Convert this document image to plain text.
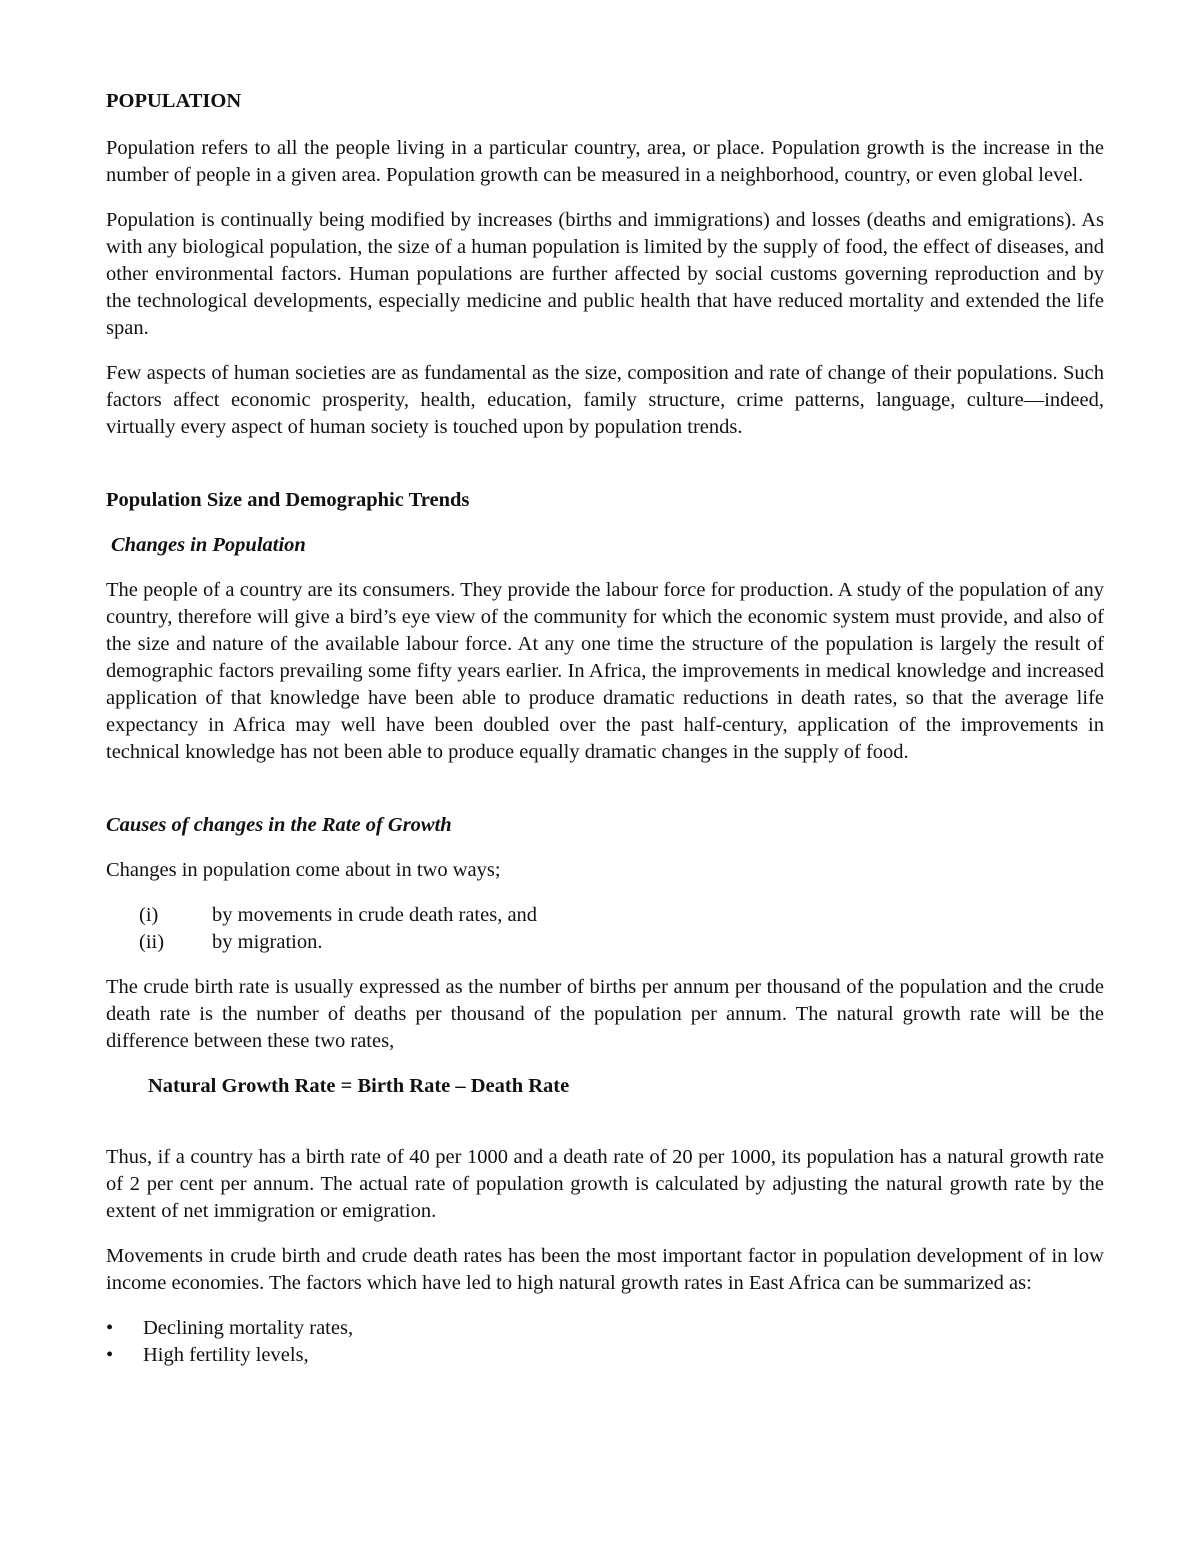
POPULATION

Population refers to all the people living in a particular country, area, or place. Population growth is the increase in the number of people in a given area. Population growth can be measured in a neighborhood, country, or even global level.

Population is continually being modified by increases (births and immigrations) and losses (deaths and emigrations). As with any biological population, the size of a human population is limited by the supply of food, the effect of diseases, and other environmental factors. Human populations are further affected by social customs governing reproduction and by the technological developments, especially medicine and public health that have reduced mortality and extended the life span.

Few aspects of human societies are as fundamental as the size, composition and rate of change of their populations. Such factors affect economic prosperity, health, education, family structure, crime patterns, language, culture—indeed, virtually every aspect of human society is touched upon by population trends.

Population Size and Demographic Trends
Changes in Population

The people of a country are its consumers. They provide the labour force for production. A study of the population of any country, therefore will give a bird’s eye view of the community for which the economic system must provide, and also of the size and nature of the available labour force. At any one time the structure of the population is largely the result of demographic factors prevailing some fifty years earlier. In Africa, the improvements in medical knowledge and increased application of that knowledge have been able to produce dramatic reductions in death rates, so that the average life expectancy in Africa may well have been doubled over the past half-century, application of the improvements in technical knowledge has not been able to produce equally dramatic changes in the supply of food.

Causes of changes in the Rate of Growth

Changes in population come about in two ways;

(i)	by movements in crude death rates, and
(ii)	by migration.

The crude birth rate is usually expressed as the number of births per annum per thousand of the population and the crude death rate is the number of deaths per thousand of the population per annum. The natural growth rate will be the difference between these two rates,

Natural Growth Rate = Birth Rate – Death Rate

Thus, if a country has a birth rate of 40 per 1000 and a death rate of 20 per 1000, its population has a natural growth rate of 2 per cent per annum. The actual rate of population growth is calculated by adjusting the natural growth rate by the extent of net immigration or emigration.

Movements in crude birth and crude death rates has been the most important factor in population development of in low income economies. The factors which have led to high natural growth rates in East Africa can be summarized as:

•	Declining mortality rates,
•	High fertility levels,
